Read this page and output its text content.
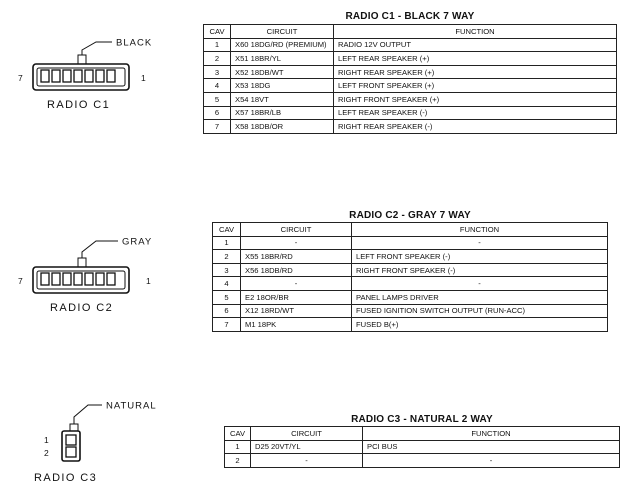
BLACK
7	1
RADIO C1
RADIO C1 - BLACK 7 WAY
CAV	CIRCUIT	FUNCTION
1	X60 18DG/RD (PREMIUM)	RADIO 12V OUTPUT
2	X51 18BR/YL	LEFT REAR SPEAKER (+)
3	X52 18DB/WT	RIGHT REAR SPEAKER (+)
4	X53 18DG	LEFT FRONT SPEAKER (+)
5	X54 18VT	RIGHT FRONT SPEAKER (+)
6	X57 18BR/LB	LEFT REAR SPEAKER (-)
7	X58 18DB/OR	RIGHT REAR SPEAKER (-)
GRAY
7	1
RADIO C2
RADIO C2 - GRAY 7 WAY
CAV	CIRCUIT	FUNCTION
1	-	-
2	X55 18BR/RD	LEFT FRONT SPEAKER (-)
3	X56 18DB/RD	RIGHT FRONT SPEAKER (-)
4	-	-
5	E2 18OR/BR	PANEL LAMPS DRIVER
6	X12 18RD/WT	FUSED IGNITION SWITCH OUTPUT (RUN-ACC)
7	M1 18PK	FUSED B(+)
NATURAL
1
2
RADIO C3
RADIO C3 - NATURAL 2 WAY
CAV	CIRCUIT	FUNCTION
1	D25 20VT/YL	PCI BUS
2	-	-
